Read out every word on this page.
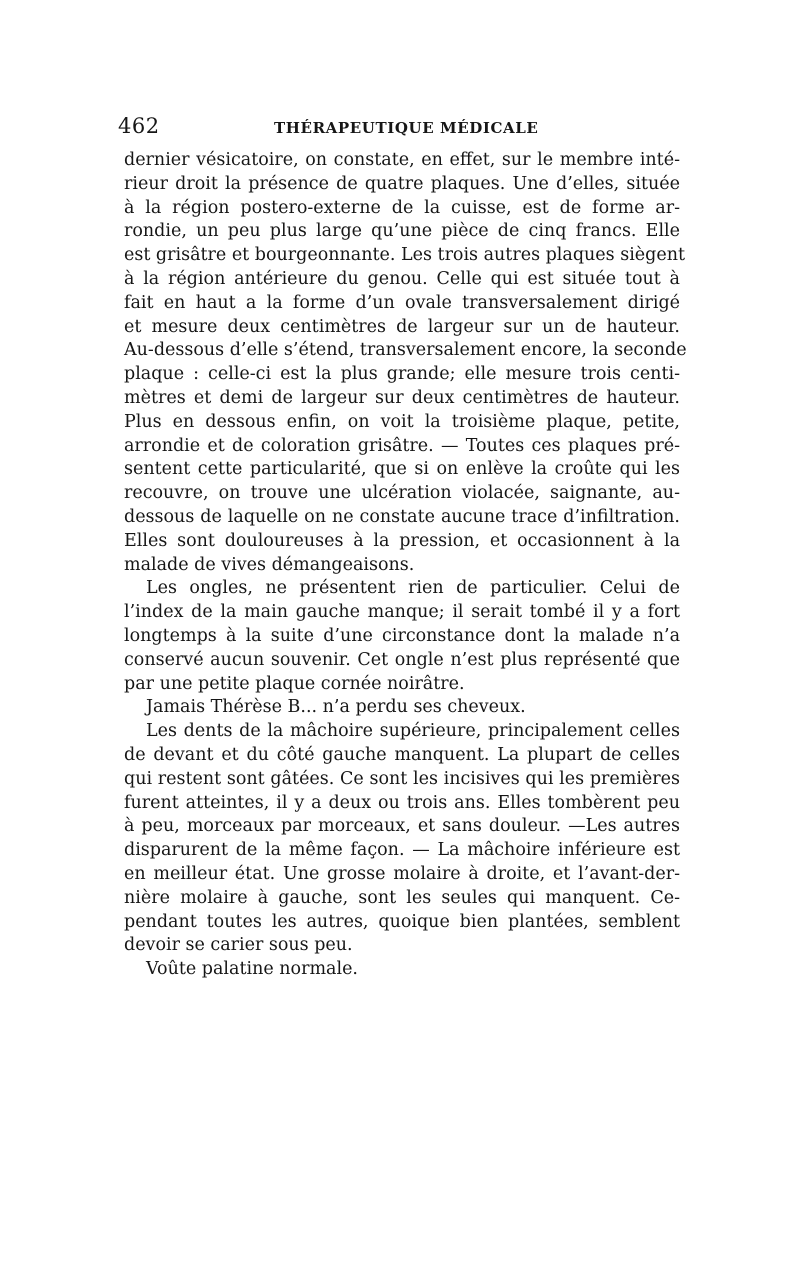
462	THÉRAPEUTIQUE MÉDICALE
dernier vésicatoire, on constate, en effet, sur le membre inté-
rieur droit la présence de quatre plaques. Une d’elles, située
à la région postero-externe de la cuisse, est de forme ar-
rondie, un peu plus large qu’une pièce de cinq francs. Elle
est grisâtre et bourgeonnante. Les trois autres plaques siègent
à la région antérieure du genou. Celle qui est située tout à
fait en haut a la forme d’un ovale transversalement dirigé
et mesure deux centimètres de largeur sur un de hauteur.
Au-dessous d’elle s’étend, transversalement encore, la seconde
plaque : celle-ci est la plus grande; elle mesure trois centi-
mètres et demi de largeur sur deux centimètres de hauteur.
Plus en dessous enfin, on voit la troisième plaque, petite,
arrondie et de coloration grisâtre. — Toutes ces plaques pré-
sentent cette particularité, que si on enlève la croûte qui les
recouvre, on trouve une ulcération violacée, saignante, au-
dessous de laquelle on ne constate aucune trace d’infiltration.
Elles sont douloureuses à la pression, et occasionnent à la
malade de vives démangeaisons.
Les ongles, ne présentent rien de particulier. Celui de
l’index de la main gauche manque; il serait tombé il y a fort
longtemps à la suite d’une circonstance dont la malade n’a
conservé aucun souvenir. Cet ongle n’est plus représenté que
par une petite plaque cornée noirâtre.
Jamais Thérèse B... n’a perdu ses cheveux.
Les dents de la mâchoire supérieure, principalement celles
de devant et du côté gauche manquent. La plupart de celles
qui restent sont gâtées. Ce sont les incisives qui les premières
furent atteintes, il y a deux ou trois ans. Elles tombèrent peu
à peu, morceaux par morceaux, et sans douleur. —Les autres
disparurent de la même façon. — La mâchoire inférieure est
en meilleur état. Une grosse molaire à droite, et l’avant-der-
nière molaire à gauche, sont les seules qui manquent. Ce-
pendant toutes les autres, quoique bien plantées, semblent
devoir se carier sous peu.
Voûte palatine normale.
